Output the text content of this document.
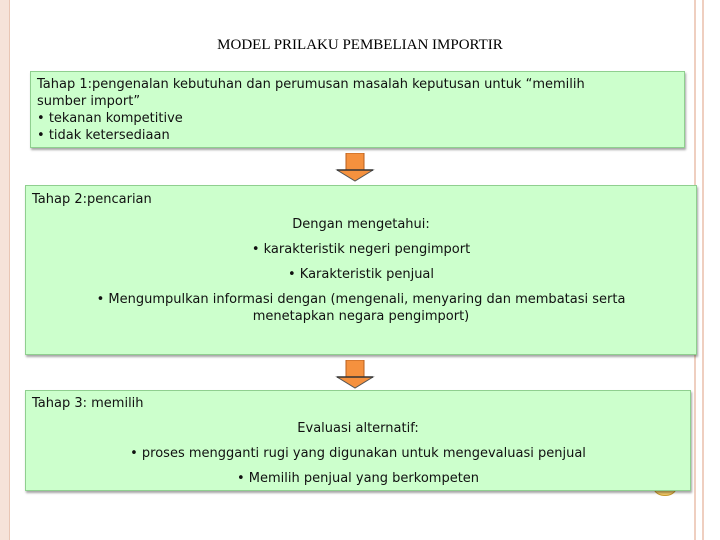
MODEL PRILAKU PEMBELIAN IMPORTIR
Tahap 1:pengenalan kebutuhan dan perumusan masalah keputusan untuk “memilih
sumber import”
• tekanan kompetitive
• tidak ketersediaan
Tahap 2:pencarian
Dengan mengetahui:
• karakteristik negeri pengimport
• Karakteristik penjual
• Mengumpulkan informasi dengan (mengenali, menyaring dan membatasi serta
menetapkan negara pengimport)
Tahap 3: memilih
Evaluasi alternatif:
• proses mengganti rugi yang digunakan untuk mengevaluasi penjual
• Memilih penjual yang berkompeten
